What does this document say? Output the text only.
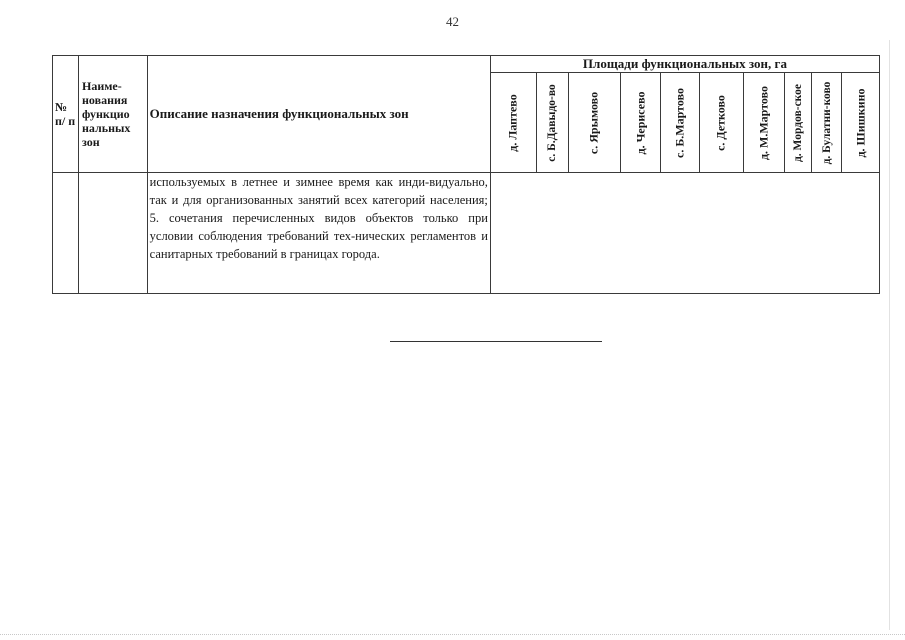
42
№ п/ п	Наиме-нования функцио нальных зон	Описание назначения функциональных зон	Площади функциональных зон, га									

			д. Лаптево	с. Б.Давыдо-во	с. Ярымово	д. Черисево	с. Б.Мартово	с. Детково	д. М.Мартово	д. Мордов-ское	д. Булатни-ково	д. Шишкино

		используемых в летнее и зимнее время как инди-видуально, так и для организованных занятий всех категорий населения; 5. сочетания перечисленных видов объектов только при условии соблюдения требований тех-нических регламентов и санитарных требований в границах города.										
